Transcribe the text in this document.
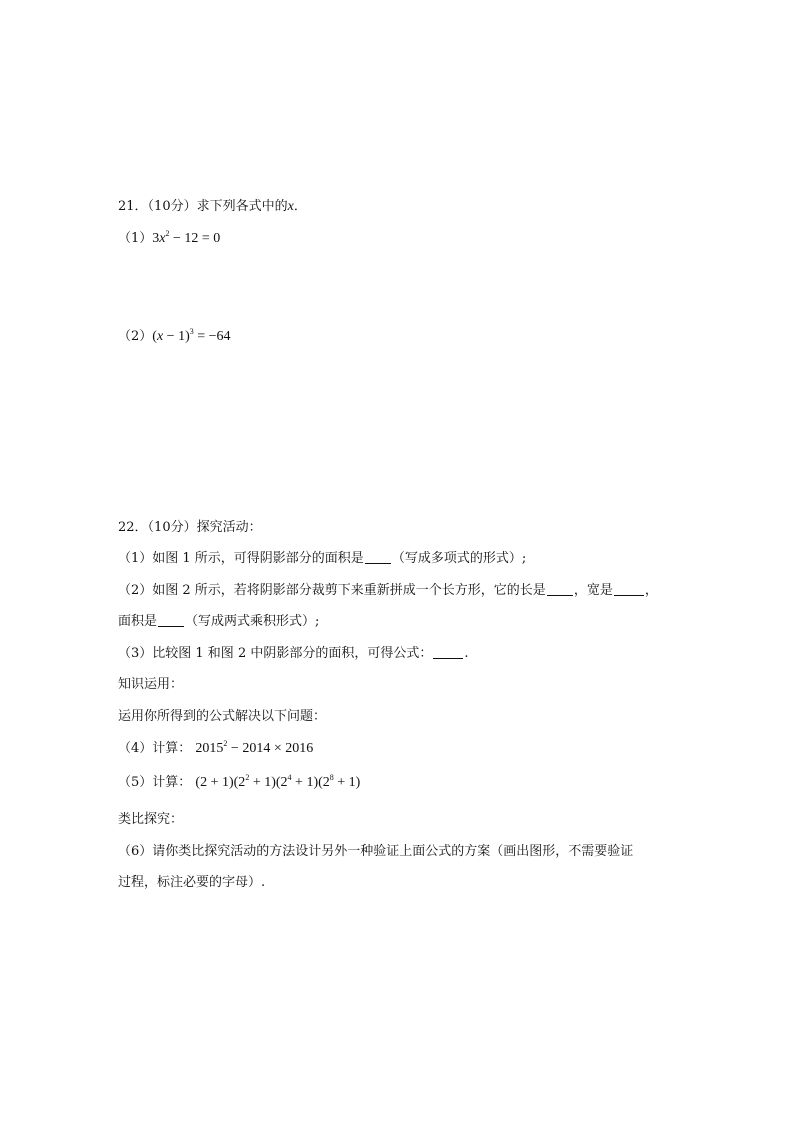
21．（10分）求下列各式中的x．
$(1)3x^2 - 12 = 0$
$(2)(x - 1)^3 = -64$
22．（10分）探究活动：
（1）如图 1 所示，可得阴影部分的面积是 （写成多项式的形式）;
（2）如图 2 所示，若将阴影部分裁剪下来重新拼成一个长方形，它的长是 ，宽是 ，
面积是 （写成两式乘积形式）;
（3）比较图 1 和图 2 中阴影部分的面积，可得公式： .
知识运用：
运用你所得到的公式解决以下问题：
（4）计算： $2015^2 - 2014 \times 2016$
（5）计算： $(2 + 1)(2^2 + 1)(2^4 + 1)(2^8 + 1)$
类比探究：
（6）请你类比探究活动的方法设计另外一种验证上面公式的方案（画出图形，不需要验证
过程，标注必要的字母）.
